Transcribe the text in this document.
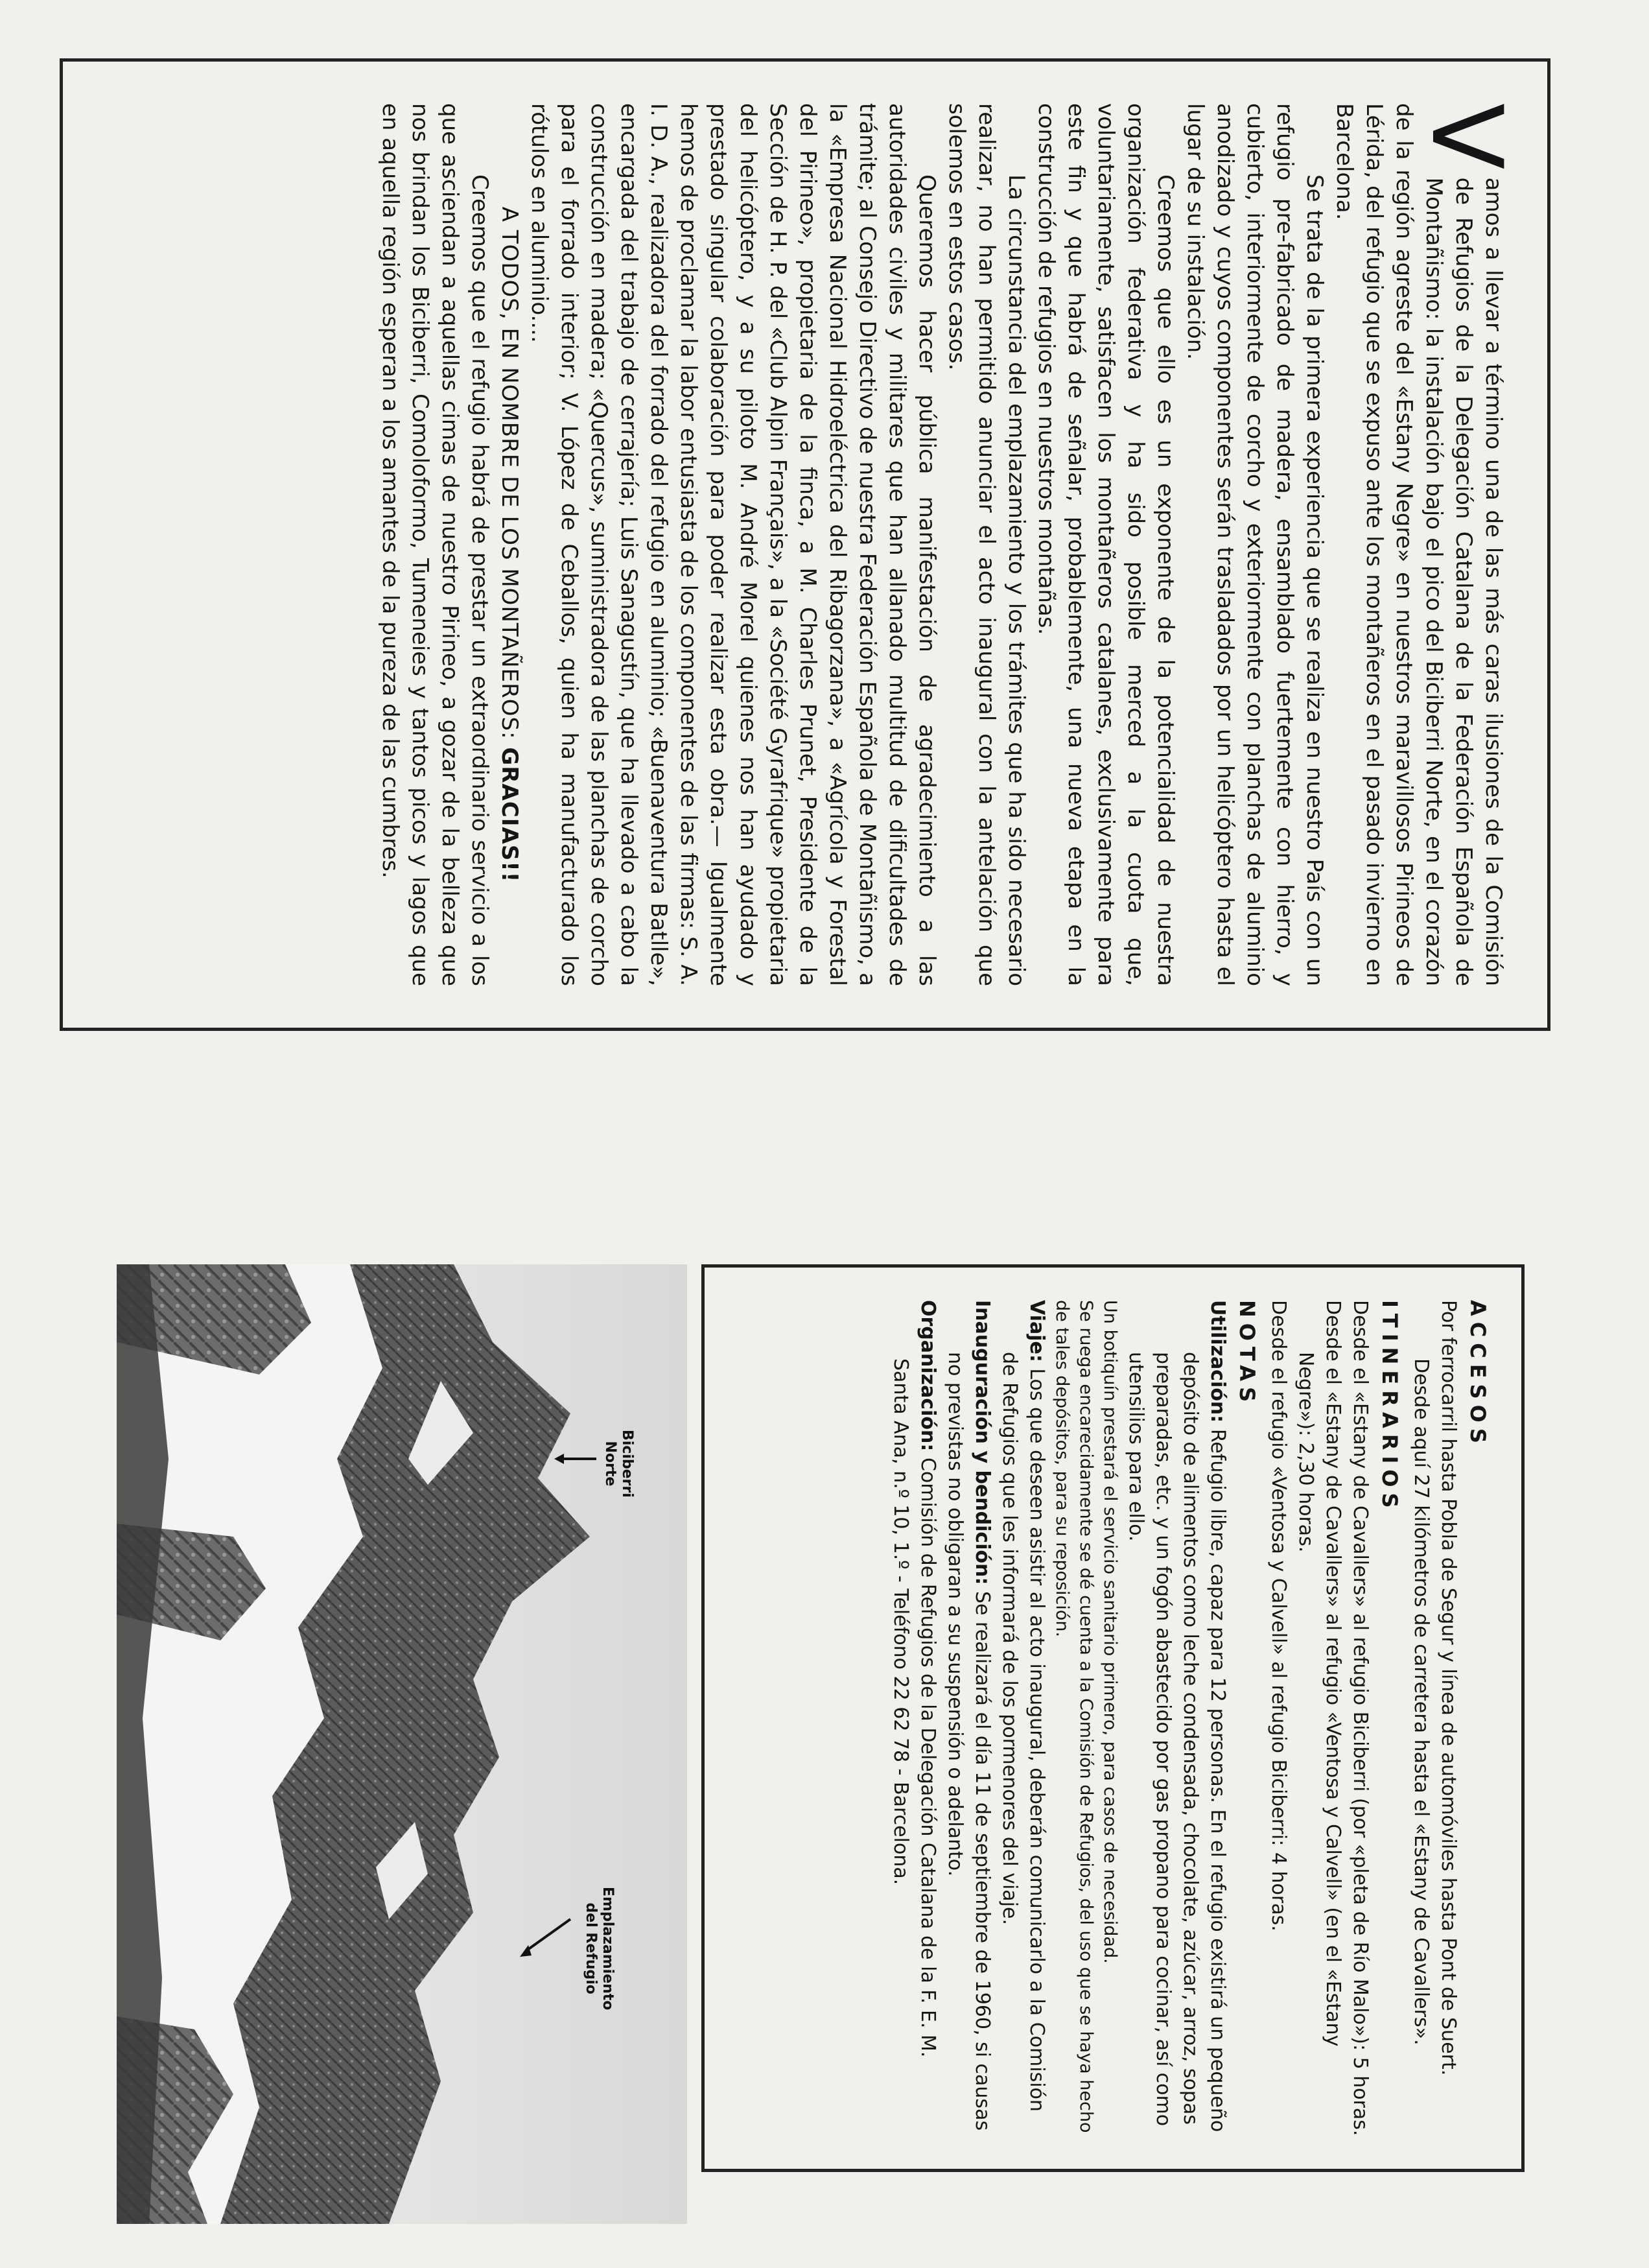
V
amos a llevar a término una de las más caras ilusiones de la Comisión de Refugios de la Delegación Catalana de la Federación Española de Montañismo: la instalación bajo el pico del Biciberri Norte, en el corazón de la región agreste del «Estany Negre» en nuestros maravillosos Pirineos de Lérida, del refugio que se expuso ante los montañeros en el pasado invierno en Barcelona.

Se trata de la primera experiencia que se realiza en nuestro País con un refugio pre-fabricado de madera, ensamblado fuertemente con hierro, y cubierto, interiormente de corcho y exteriormente con planchas de aluminio anodizado y cuyos componentes serán trasladados por un helicóptero hasta el lugar de su instalación.

Creemos que ello es un exponente de la potencialidad de nuestra organización federativa y ha sido posible merced a la cuota que, voluntariamente, satisfacen los montañeros catalanes, exclusivamente para este fin y que habrá de señalar, probablemente, una nueva etapa en la construcción de refugios en nuestros montañas.

La circunstancia del emplazamiento y los trámites que ha sido necesario realizar, no han permitido anunciar el acto inaugural con la antelación que solemos en estos casos.

Queremos hacer pública manifestación de agradecimiento a las autoridades civiles y militares que han allanado multitud de dificultades de trámite; al Consejo Directivo de nuestra Federación Española de Montañismo, a la «Empresa Nacional Hidroeléctrica del Ribagorzana», a «Agrícola y Forestal del Pirineo», propietaria de la finca, a M. Charles Prunet, Presidente de la Sección de H. P. del «Club Alpin Français», a la «Société Gyrafrique» propietaria del helicóptero, y a su piloto M. André Morel quienes nos han ayudado y prestado singular colaboración para poder realizar esta obra.— Igualmente hemos de proclamar la labor entusiasta de los componentes de las firmas: S. A. I. D. A., realizadora del forrado del refugio en aluminio; «Buenaventura Batlle», encargada del trabajo de cerrajería; Luis Sanagustín, que ha llevado a cabo la construcción en madera; «Quercus», suministradora de las planchas de corcho para el forrado interior; V. López de Ceballos, quien ha manufacturado los rótulos en aluminio....

A TODOS, EN NOMBRE DE LOS MONTAÑEROS: GRACIAS!!

Creemos que el refugio habrá de prestar un extraordinario servicio a los que asciendan a aquellas cimas de nuestro Pirineo, a gozar de la belleza que nos brindan los Biciberri, Comoloformo, Tumeneies y tantos picos y lagos que en aquella región esperan a los amantes de la pureza de las cumbres.

ACCESOS

Por ferrocarril hasta Pobla de Segur y línea de automóviles hasta Pont de Suert.

Desde aquí 27 kilómetros de carretera hasta el «Estany de Cavallers».

ITINERARIOS

Desde el «Estany de Cavallers» al refugio Biciberri (por «pleta de Río Malo»): 5 horas.

Desde el «Estany de Cavallers» al refugio «Ventosa y Calvell» (en el «Estany Negre»): 2,30 horas.

Desde el refugio «Ventosa y Calvell» al refugio Biciberri: 4 horas.

NOTAS

Utilización: Refugio libre, capaz para 12 personas. En el refugio existirá un pequeño depósito de alimentos como leche condensada, chocolate, azúcar, arroz, sopas preparadas, etc. y un fogón abastecido por gas propano para cocinar, así como utensilios para ello.

Un botiquín prestará el servicio sanitario primero, para casos de necesidad.

Se ruega encarecidamente se dé cuenta a la Comisión de Refugios, del uso que se haya hecho de tales depósitos, para su reposición.

Viaje: Los que deseen asistir al acto inaugural, deberán comunicarlo a la Comisión de Refugios que les informará de los pormenores del viaje.

Inauguración y bendición: Se realizará el día 11 de septiembre de 1960, si causas no previstas no obligaran a su suspensión o adelanto.

Organización: Comisión de Refugios de la Delegación Catalana de la F. E. M.

Santa Ana, n.º 10, 1.º - Teléfono 22 62 78 - Barcelona.

Biciberri
Norte
Emplazamiento
del Refugio
